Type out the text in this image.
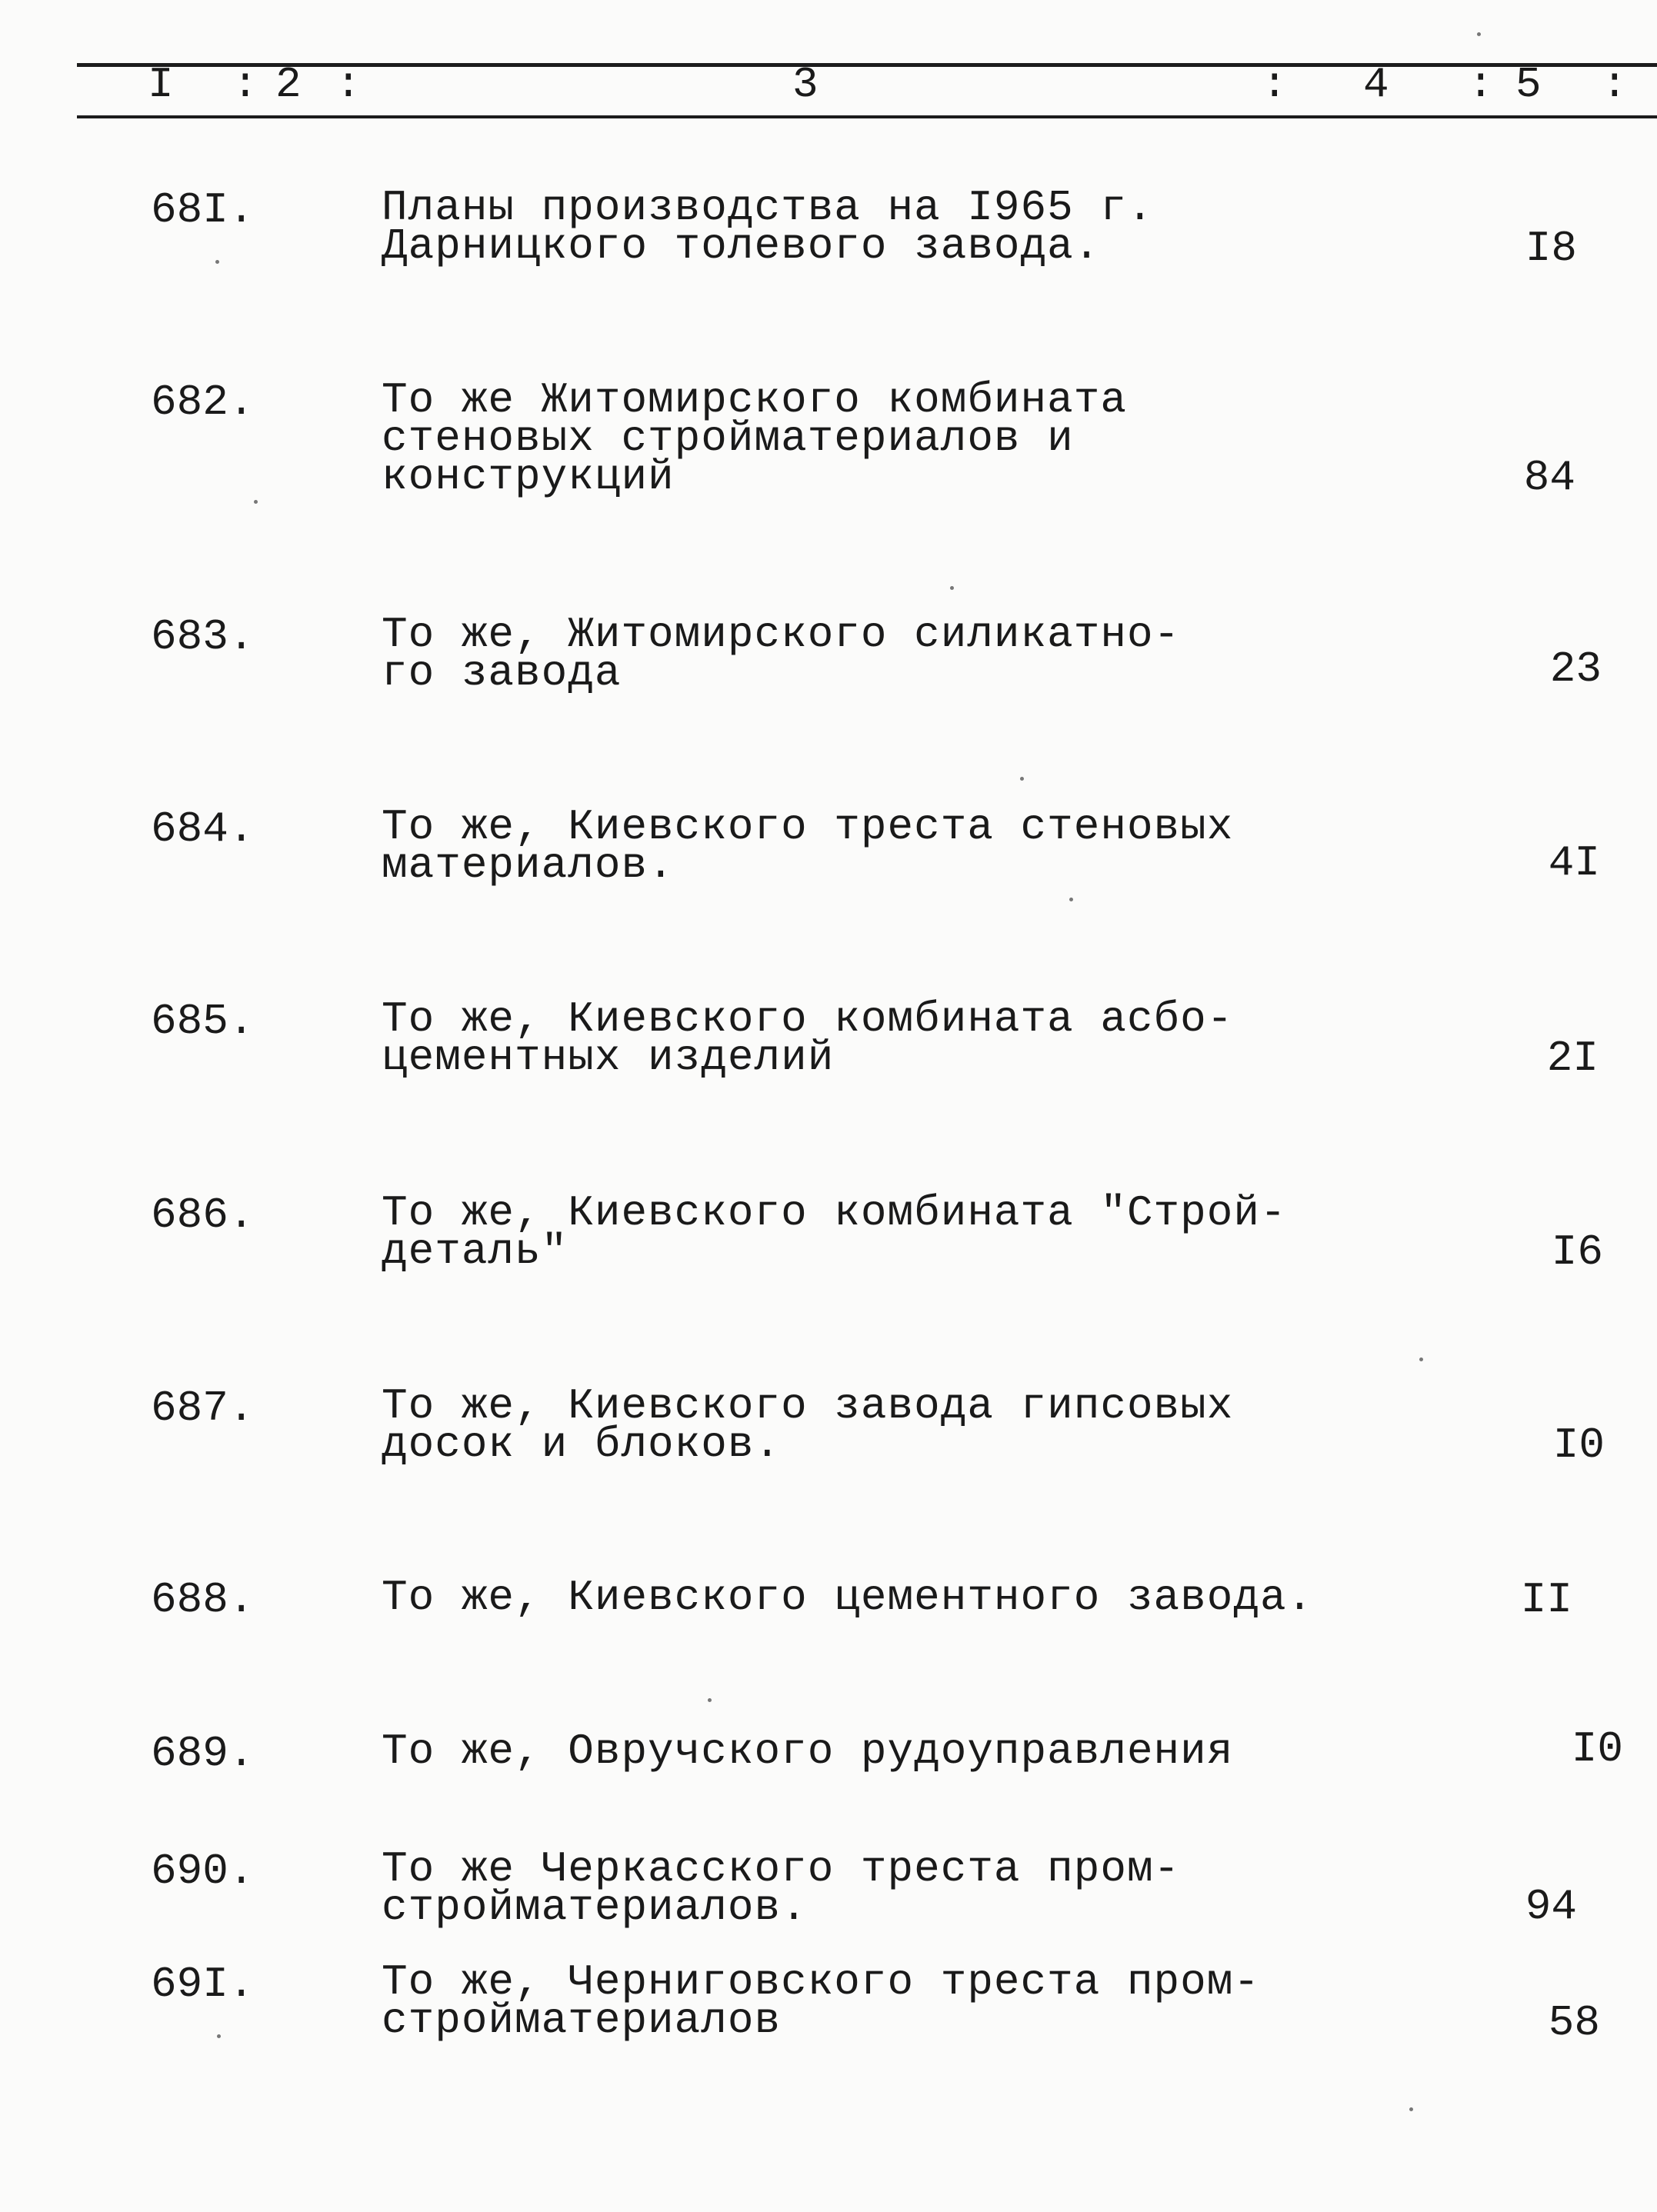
I : 2 :	3	: 4 : 5 :
68I.	Планы производства на I965 г.
Дарницкого толевого завода.	I8
682.	То же Житомирского комбината
стеновых стройматериалов и
конструкций	84
683.	То же, Житомирского силикатно-
го завода	23
684.	То же, Киевского треста стеновых
материалов.	4I
685.	То же, Киевского комбината асбо-
цементных изделий	2I
686.	То же, Киевского комбината "Строй-
деталь"	I6
687.	То же, Киевского завода гипсовых
досок и блоков.	I0
688.	То же, Киевского цементного завода.	II
689.	То же, Овручского рудоуправления	I0
690.	То же Черкасского треста пром-
стройматериалов.	94
69I.	То же, Черниговского треста пром-
стройматериалов	58
